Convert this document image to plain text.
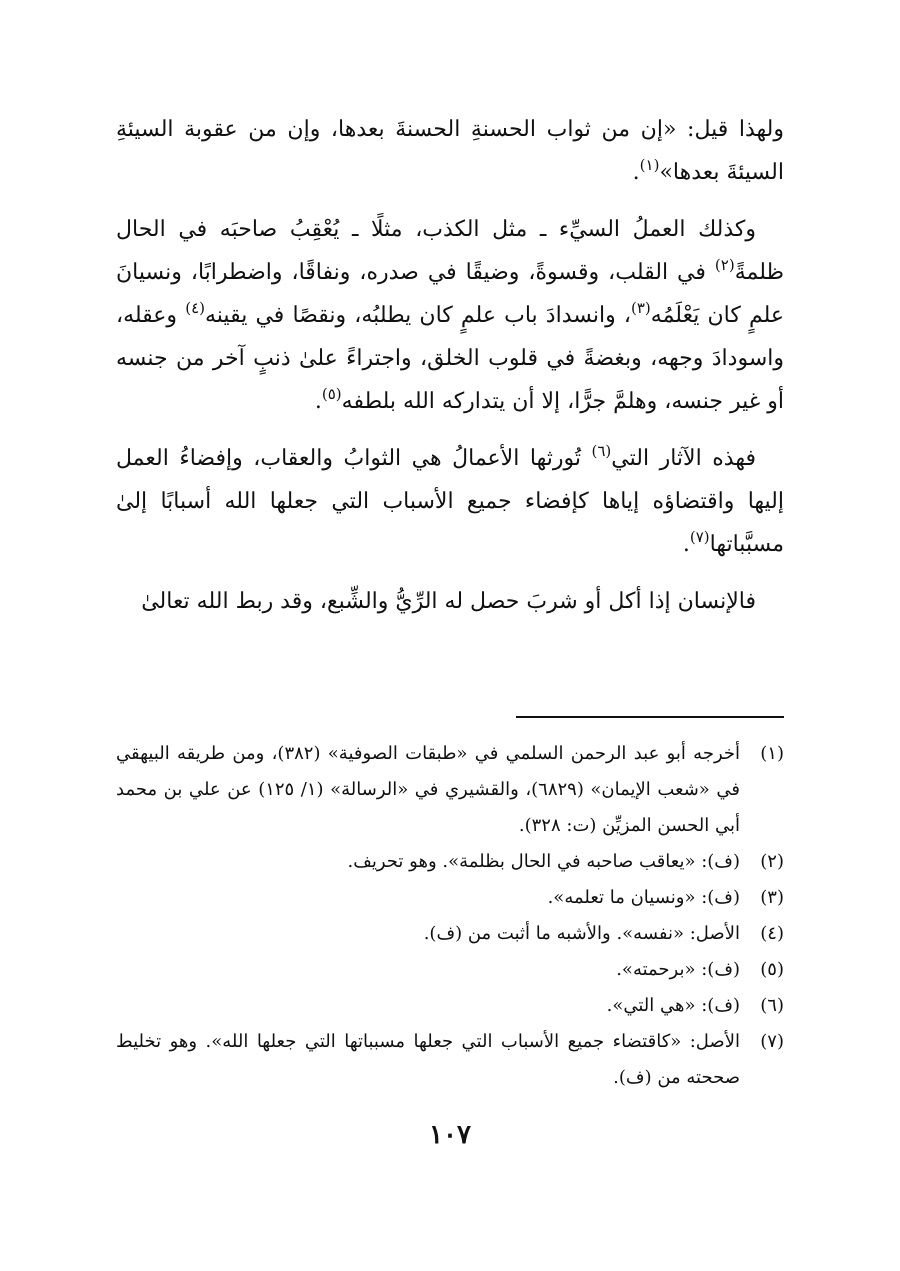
ولهذا قيل: «إن من ثواب الحسنةِ الحسنةَ بعدها، وإن من عقوبة السيئةِ السيئةَ بعدها»$^{(١)}$.

وكذلك العملُ السيِّء ـ مثل الكذب، مثلًا ـ يُعْقِبُ صاحبَه في الحال ظلمةً$^{(٢)}$ في القلب، وقسوةً، وضيقًا في صدره، ونفاقًا، واضطرابًا، ونسيانَ علمٍ كان يَعْلَمُه$^{(٣)}$، وانسدادَ باب علمٍ كان يطلبُه، ونقصًا في يقينه$^{(٤)}$ وعقله، واسودادَ وجهه، وبغضةً في قلوب الخلق، واجتراءً علىٰ ذنبٍ آخر من جنسه أو غير جنسه، وهلمَّ جرًّا، إلا أن يتداركه الله بلطفه$^{(٥)}$.

فهذه الآثار التي$^{(٦)}$ تُورثها الأعمالُ هي الثوابُ والعقاب، وإفضاءُ العمل إليها واقتضاؤه إياها كإفضاء جميع الأسباب التي جعلها الله أسبابًا إلىٰ مسبَّباتها$^{(٧)}$.

فالإنسان إذا أكل أو شربَ حصل له الرِّيُّ والشِّبع، وقد ربط الله تعالىٰ

(١)
أخرجه أبو عبد الرحمن السلمي في «طبقات الصوفية» (٣٨٢)، ومن طريقه البيهقي في «شعب الإيمان» (٦٨٢٩)، والقشيري في «الرسالة» (١/ ١٢٥) عن علي بن محمد أبي الحسن المزيِّن (ت: ٣٢٨).
(٢)
(ف): «يعاقب صاحبه في الحال بظلمة». وهو تحريف.
(٣)
(ف): «ونسيان ما تعلمه».
(٤)
الأصل: «نفسه». والأشبه ما أثبت من (ف).
(٥)
(ف): «برحمته».
(٦)
(ف): «هي التي».
(٧)
الأصل: «كاقتضاء جميع الأسباب التي جعلها مسبباتها التي جعلها الله». وهو تخليط صححته من (ف).
١٠٧
